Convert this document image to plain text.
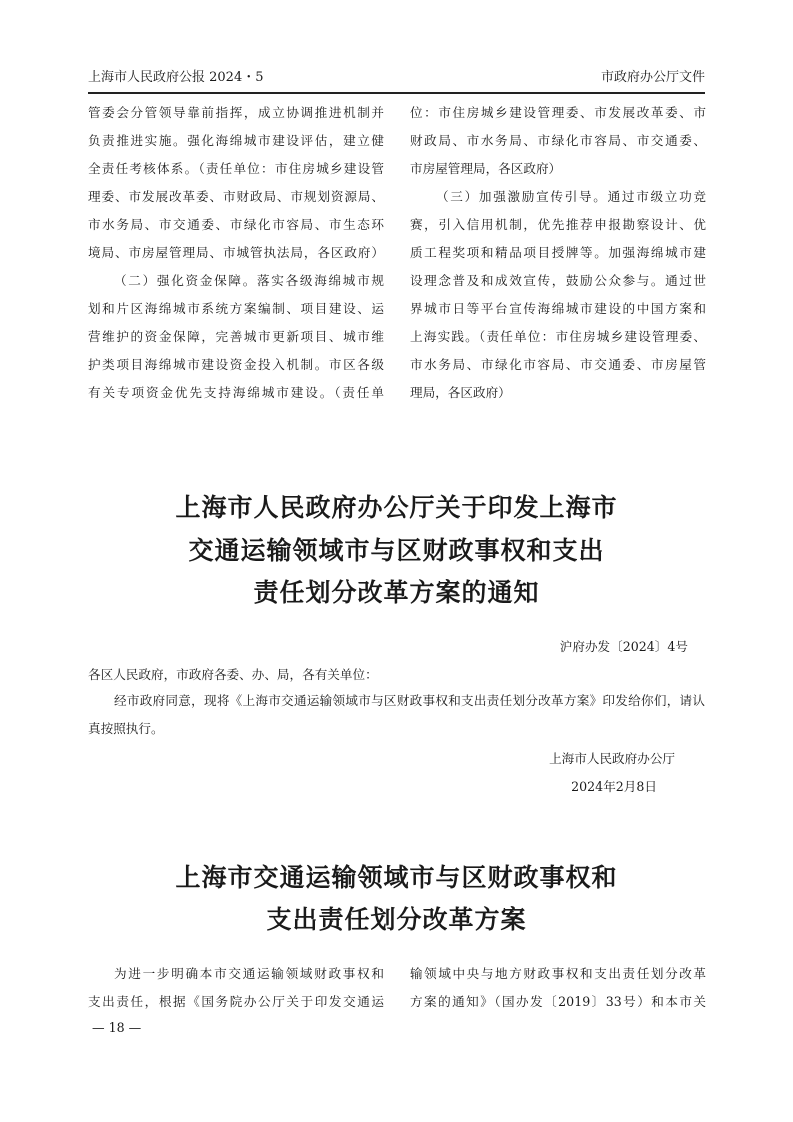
上海市人民政府公报 2024・5	市政府办公厅文件
管委会分管领导靠前指挥，成立协调推进机制并
负责推进实施。强化海绵城市建设评估，建立健
全责任考核体系。（责任单位：市住房城乡建设管
理委、市发展改革委、市财政局、市规划资源局、
市水务局、市交通委、市绿化市容局、市生态环
境局、市房屋管理局、市城管执法局，各区政府）
（二）强化资金保障。落实各级海绵城市规
划和片区海绵城市系统方案编制、项目建设、运
营维护的资金保障，完善城市更新项目、城市维
护类项目海绵城市建设资金投入机制。市区各级
有关专项资金优先支持海绵城市建设。（责任单
位：市住房城乡建设管理委、市发展改革委、市
财政局、市水务局、市绿化市容局、市交通委、
市房屋管理局，各区政府）
（三）加强激励宣传引导。通过市级立功竞
赛，引入信用机制，优先推荐申报勘察设计、优
质工程奖项和精品项目授牌等。加强海绵城市建
设理念普及和成效宣传，鼓励公众参与。通过世
界城市日等平台宣传海绵城市建设的中国方案和
上海实践。（责任单位：市住房城乡建设管理委、
市水务局、市绿化市容局、市交通委、市房屋管
理局，各区政府）
上海市人民政府办公厅关于印发上海市
交通运输领域市与区财政事权和支出
责任划分改革方案的通知
沪府办发〔2024〕4号
各区人民政府，市政府各委、办、局，各有关单位：
经市政府同意，现将《上海市交通运输领域市与区财政事权和支出责任划分改革方案》印发给你们，请认真按照执行。
上海市人民政府办公厅
2024年2月8日
上海市交通运输领域市与区财政事权和
支出责任划分改革方案
为进一步明确本市交通运输领域财政事权和
支出责任，根据《国务院办公厅关于印发交通运
输领域中央与地方财政事权和支出责任划分改革
方案的通知》（国办发〔2019〕33号）和本市关
— 18 —
